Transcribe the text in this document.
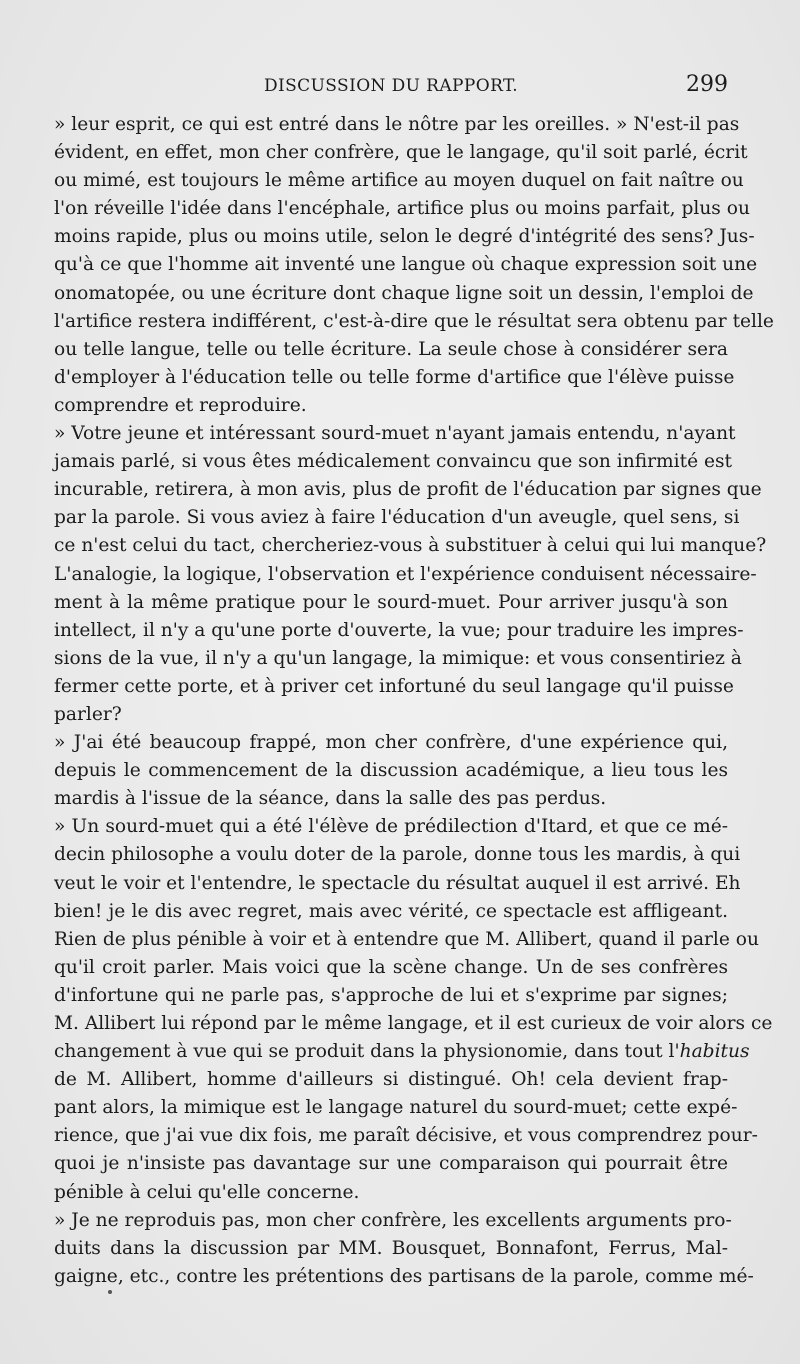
DISCUSSION DU RAPPORT.	299
» leur esprit, ce qui est entré dans le nôtre par les oreilles. » N'est-il pas
évident, en effet, mon cher confrère, que le langage, qu'il soit parlé, écrit
ou mimé, est toujours le même artifice au moyen duquel on fait naître ou
l'on réveille l'idée dans l'encéphale, artifice plus ou moins parfait, plus ou
moins rapide, plus ou moins utile, selon le degré d'intégrité des sens? Jus-
qu'à ce que l'homme ait inventé une langue où chaque expression soit une
onomatopée, ou une écriture dont chaque ligne soit un dessin, l'emploi de
l'artifice restera indifférent, c'est-à-dire que le résultat sera obtenu par telle
ou telle langue, telle ou telle écriture. La seule chose à considérer sera
d'employer à l'éducation telle ou telle forme d'artifice que l'élève puisse
comprendre et reproduire.
» Votre jeune et intéressant sourd-muet n'ayant jamais entendu, n'ayant
jamais parlé, si vous êtes médicalement convaincu que son infirmité est
incurable, retirera, à mon avis, plus de profit de l'éducation par signes que
par la parole. Si vous aviez à faire l'éducation d'un aveugle, quel sens, si
ce n'est celui du tact, chercheriez-vous à substituer à celui qui lui manque?
L'analogie, la logique, l'observation et l'expérience conduisent nécessaire-
ment à la même pratique pour le sourd-muet. Pour arriver jusqu'à son
intellect, il n'y a qu'une porte d'ouverte, la vue; pour traduire les impres-
sions de la vue, il n'y a qu'un langage, la mimique: et vous consentiriez à
fermer cette porte, et à priver cet infortuné du seul langage qu'il puisse
parler?
» J'ai été beaucoup frappé, mon cher confrère, d'une expérience qui,
depuis le commencement de la discussion académique, a lieu tous les
mardis à l'issue de la séance, dans la salle des pas perdus.
» Un sourd-muet qui a été l'élève de prédilection d'Itard, et que ce mé-
decin philosophe a voulu doter de la parole, donne tous les mardis, à qui
veut le voir et l'entendre, le spectacle du résultat auquel il est arrivé. Eh
bien! je le dis avec regret, mais avec vérité, ce spectacle est affligeant.
Rien de plus pénible à voir et à entendre que M. Allibert, quand il parle ou
qu'il croit parler. Mais voici que la scène change. Un de ses confrères
d'infortune qui ne parle pas, s'approche de lui et s'exprime par signes;
M. Allibert lui répond par le même langage, et il est curieux de voir alors ce
changement à vue qui se produit dans la physionomie, dans tout l'habitus
de M. Allibert, homme d'ailleurs si distingué. Oh! cela devient frap-
pant alors, la mimique est le langage naturel du sourd-muet; cette expé-
rience, que j'ai vue dix fois, me paraît décisive, et vous comprendrez pour-
quoi je n'insiste pas davantage sur une comparaison qui pourrait être
pénible à celui qu'elle concerne.
» Je ne reproduis pas, mon cher confrère, les excellents arguments pro-
duits dans la discussion par MM. Bousquet, Bonnafont, Ferrus, Mal-
gaigne, etc., contre les prétentions des partisans de la parole, comme mé-
